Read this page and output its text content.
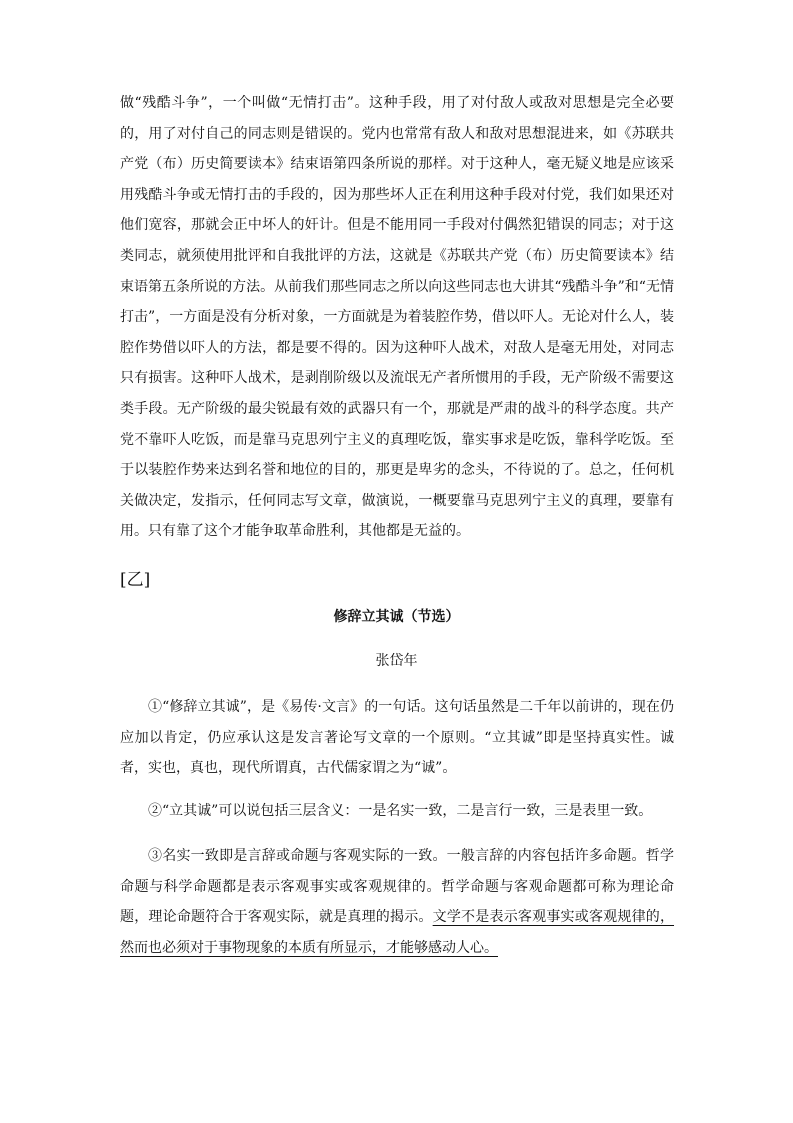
做“残酷斗争”，一个叫做“无情打击”。这种手段，用了对付敌人或敌对思想是完全必要的，用了对付自己的同志则是错误的。党内也常常有敌人和敌对思想混进来，如《苏联共产党（布）历史简要读本》结束语第四条所说的那样。对于这种人，毫无疑义地是应该采用残酷斗争或无情打击的手段的，因为那些坏人正在利用这种手段对付党，我们如果还对他们宽容，那就会正中坏人的奸计。但是不能用同一手段对付偶然犯错误的同志；对于这类同志，就须使用批评和自我批评的方法，这就是《苏联共产党（布）历史简要读本》结束语第五条所说的方法。从前我们那些同志之所以向这些同志也大讲其“残酷斗争”和“无情打击”，一方面是没有分析对象，一方面就是为着装腔作势，借以吓人。无论对什么人，装腔作势借以吓人的方法，都是要不得的。因为这种吓人战术，对敌人是毫无用处，对同志只有损害。这种吓人战术，是剥削阶级以及流氓无产者所惯用的手段，无产阶级不需要这类手段。无产阶级的最尖锐最有效的武器只有一个，那就是严肃的战斗的科学态度。共产党不靠吓人吃饭，而是靠马克思列宁主义的真理吃饭，靠实事求是吃饭，靠科学吃饭。至于以装腔作势来达到名誉和地位的目的，那更是卑劣的念头，不待说的了。总之，任何机关做决定，发指示，任何同志写文章，做演说，一概要靠马克思列宁主义的真理，要靠有用。只有靠了这个才能争取革命胜利，其他都是无益的。

[乙]

修辞立其诚（节选）

张岱年

①“修辞立其诚”，是《易传·文言》的一句话。这句话虽然是二千年以前讲的，现在仍应加以肯定，仍应承认这是发言著论写文章的一个原则。“立其诚”即是坚持真实性。诚者，实也，真也，现代所谓真，古代儒家谓之为“诚”。

②“立其诚”可以说包括三层含义：一是名实一致，二是言行一致，三是表里一致。

③名实一致即是言辞或命题与客观实际的一致。一般言辞的内容包括许多命题。哲学命题与科学命题都是表示客观事实或客观规律的。哲学命题与客观命题都可称为理论命题，理论命题符合于客观实际，就是真理的揭示。文学不是表示客观事实或客观规律的，然而也必须对于事物现象的本质有所显示，才能够感动人心。
